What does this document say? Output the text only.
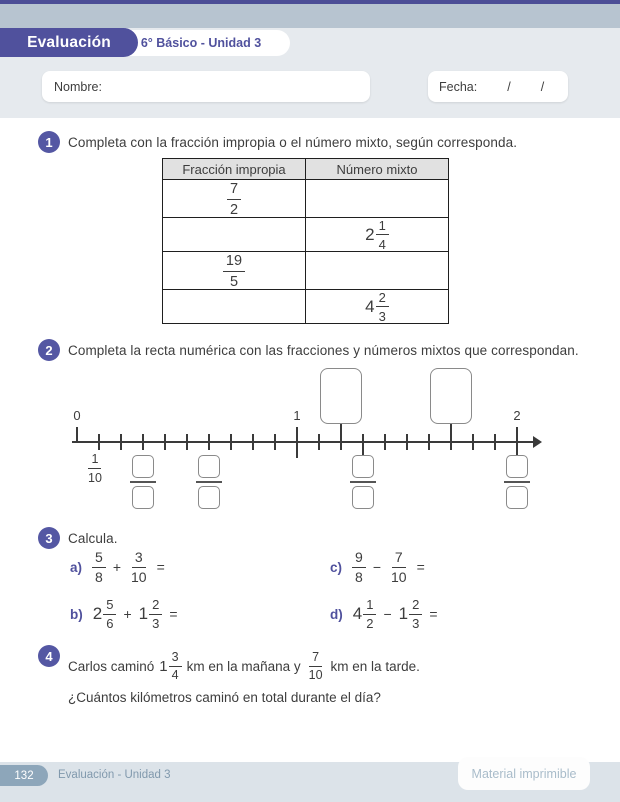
6° Básico - Unidad 3
Evaluación
Nombre:	Fecha: / /
1 Completa con la fracción impropia o el número mixto, según corresponda.
Fracción impropia	Número mixto

$\frac{7}{2}$

	$2 \frac{1}{4}$

$\frac{19}{5}$

	$4 \frac{2}{3}$
2 Completa la recta numérica con las fracciones y números mixtos que correspondan.
0	1	2
$\frac{1}{10}$
3 Calcula.
$a) \frac{5}{8} + \frac{3}{10}$ =
b) $2 \frac{5}{6} + 1 \frac{2}{3}$ =
$c) \frac{9}{8} - \frac{7}{10}$ =
d) $4 \frac{1}{2} - 1 \frac{2}{3}$ =
4
Carlos caminó $1 \frac{3}{4}$ km en la mañana y $\frac{7}{10}$ km en la tarde.
¿Cuántos kilómetros caminó en total durante el día?
Material imprimible
132 Evaluación - Unidad 3
